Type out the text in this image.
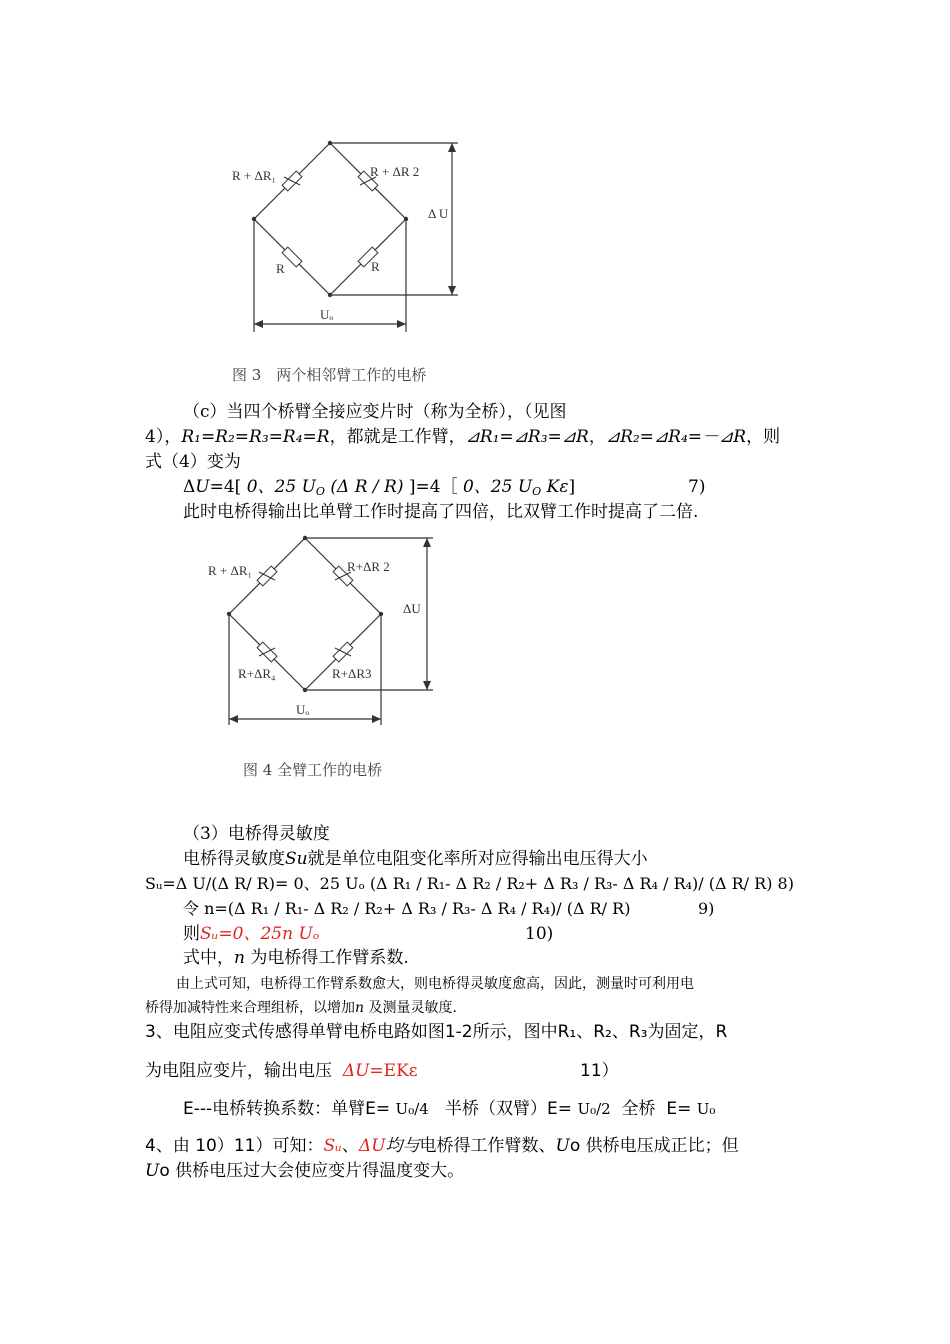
R + ΔR₁	R + ΔR 2
R	R
Δ U
Uₒ
图 3　两个相邻臂工作的电桥
（c）当四个桥臂全接应变片时（称为全桥），（见图
4），R₁=R₂=R₃=R₄=R，都就是工作臂，⊿R₁=⊿R₃=⊿R，⊿R₂=⊿R₄=－⊿R，则
式（4）变为
ΔU=4[ 0、25 $U_O$ (Δ R / R) ]=4［ 0、25 $U_O$ Kε]	7)
此时电桥得输出比单臂工作时提高了四倍，比双臂工作时提高了二倍.
R + ΔR₁	R+ΔR 2
R+ΔR₄	R+ΔR3
ΔU
Uₒ
图 4 全臂工作的电桥
（3）电桥得灵敏度
电桥得灵敏度Su就是单位电阻变化率所对应得输出电压得大小
Sᵤ=Δ U/(Δ R/ R)= 0、25 Uₒ (Δ R₁ / R₁- Δ R₂ / R₂+ Δ R₃ / R₃- Δ R₄ / R₄)/ (Δ R/ R) 8)
令 n=(Δ R₁ / R₁- Δ R₂ / R₂+ Δ R₃ / R₃- Δ R₄ / R₄)/ (Δ R/ R)	9)
则Sᵤ=0、25n Uₒ	10)
式中，n 为电桥得工作臂系数.
由上式可知，电桥得工作臂系数愈大，则电桥得灵敏度愈高，因此，测量时可利用电
桥得加减特性来合理组桥，以增加n 及测量灵敏度.
3、电阻应变式传感得单臂电桥电路如图1-2所示，图中R₁、R₂、R₃为固定，R
为电阻应变片，输出电压 ΔU=EKε	11）
E---电桥转换系数：单臂E= U₀/4 半桥（双臂）E= U₀/2 全桥 E= U₀
4、由 10）11）可知：Sᵤ、ΔU均与电桥得工作臂数、Uo 供桥电压成正比；但
Uo 供桥电压过大会使应变片得温度变大。
